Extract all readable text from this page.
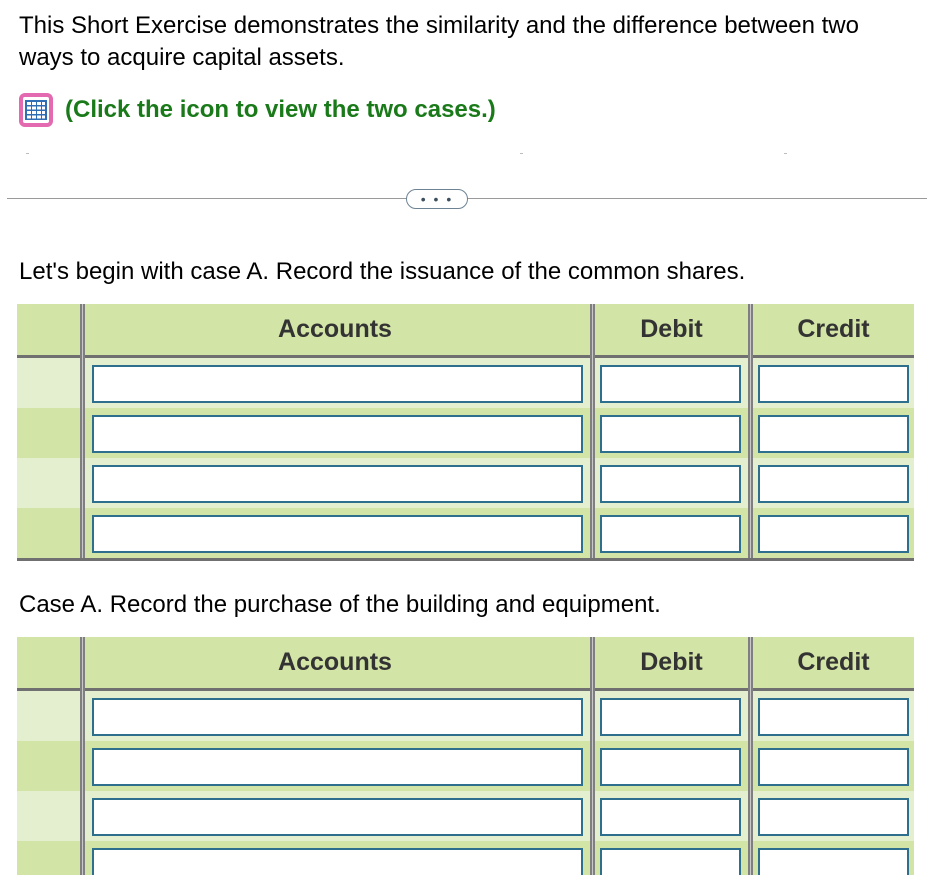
This Short Exercise demonstrates the similarity and the difference between two ways to acquire capital assets.
(Click the icon to view the two cases.)
• • •
Let's begin with case A. Record the issuance of the common shares.
Accounts	Debit	Credit
Case A. Record the purchase of the building and equipment.
Accounts	Debit	Credit
